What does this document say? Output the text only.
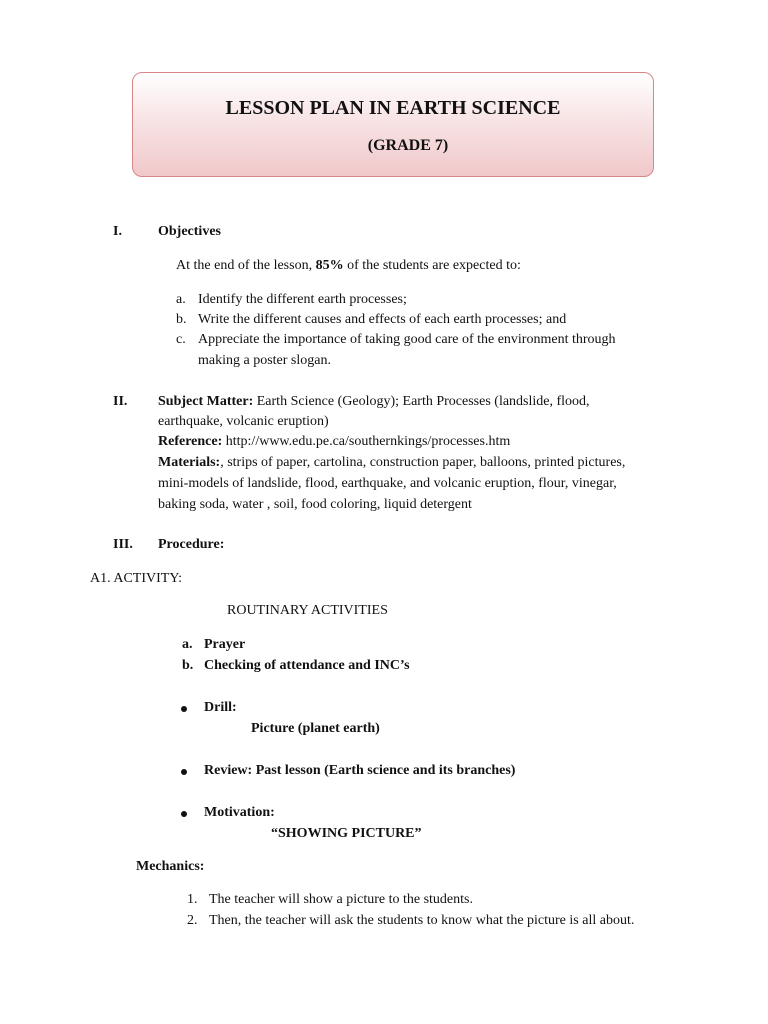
LESSON PLAN IN EARTH SCIENCE
(GRADE 7)
I.	Objectives
At the end of the lesson, 85% of the students are expected to:
a. Identify the different earth processes;
b. Write the different causes and effects of each earth processes; and
c. Appreciate the importance of taking good care of the environment through
making a poster slogan.
II. Subject Matter: Earth Science (Geology); Earth Processes (landslide, flood,
earthquake, volcanic eruption)
Reference: http://www.edu.pe.ca/southernkings/processes.htm
Materials:, strips of paper, cartolina, construction paper, balloons, printed pictures,
mini-models of landslide, flood, earthquake, and volcanic eruption, flour, vinegar,
baking soda, water , soil, food coloring, liquid detergent
III. Procedure:
A1. ACTIVITY:
ROUTINARY ACTIVITIES
a. Prayer
b. Checking of attendance and INC’s
Drill:
Picture (planet earth)
Review: Past lesson (Earth science and its branches)
Motivation:
“SHOWING PICTURE”
Mechanics:
1. The teacher will show a picture to the students.
2. Then, the teacher will ask the students to know what the picture is all about.
